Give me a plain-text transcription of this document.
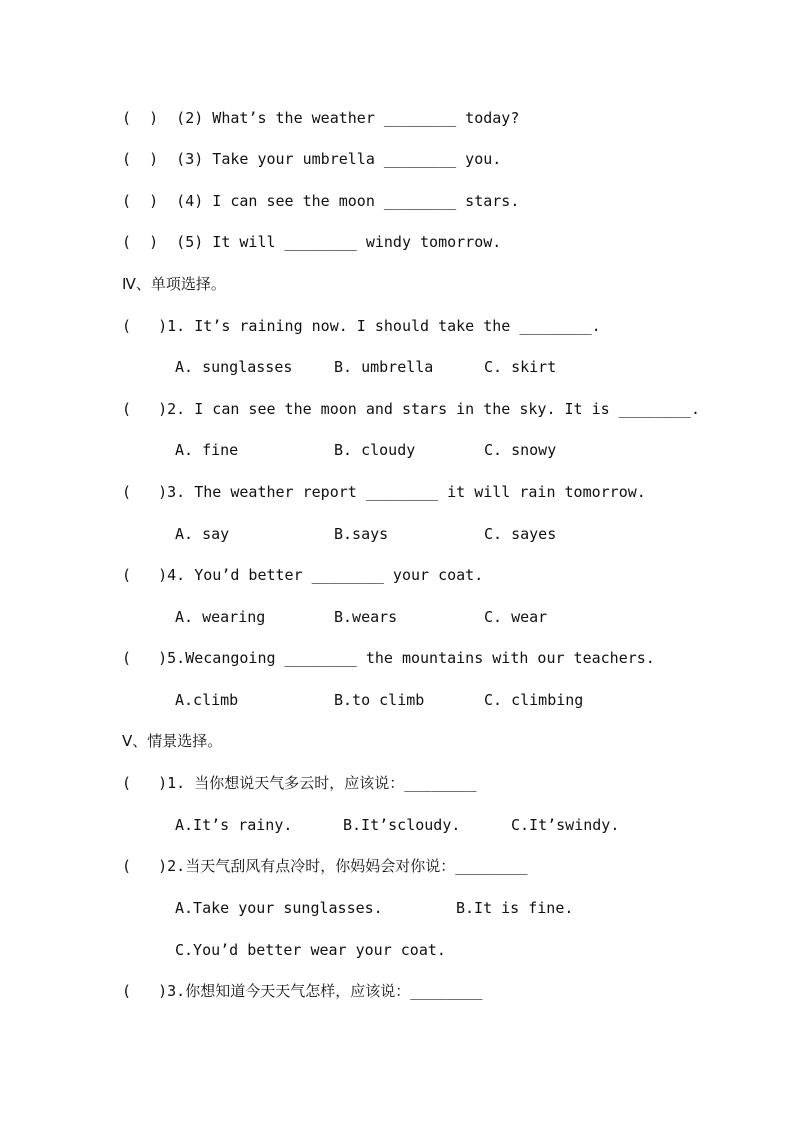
(  )  (2) What’s the weather ________ today?
(  )  (3) Take your umbrella ________ you.
(  )  (4) I can see the moon ________ stars.
(  )  (5) It will ________ windy tomorrow.
Ⅳ、单项选择。
(   )1. It’s raining now. I should take the ________.
A. sunglasses	B. umbrella	C. skirt
(   )2. I can see the moon and stars in the sky. It is ________.
A. fine	B. cloudy	C. snowy
(   )3. The weather report ________ it will rain tomorrow.
A. say	B.says	C. sayes
(   )4. You’d better ________ your coat.
A. wearing	B.wears	C. wear
(   )5.Wecangoing ________ the mountains with our teachers.
A.climb	B.to climb	C. climbing
Ⅴ、情景选择。
(   )1. 当你想说天气多云时，应该说：________
A.It’s rainy.	B.It’scloudy.	C.It’swindy.
(   )2.当天气刮风有点冷时，你妈妈会对你说：________
A.Take your sunglasses.	B.It is fine.
C.You’d better wear your coat.
(   )3.你想知道今天天气怎样，应该说：________
